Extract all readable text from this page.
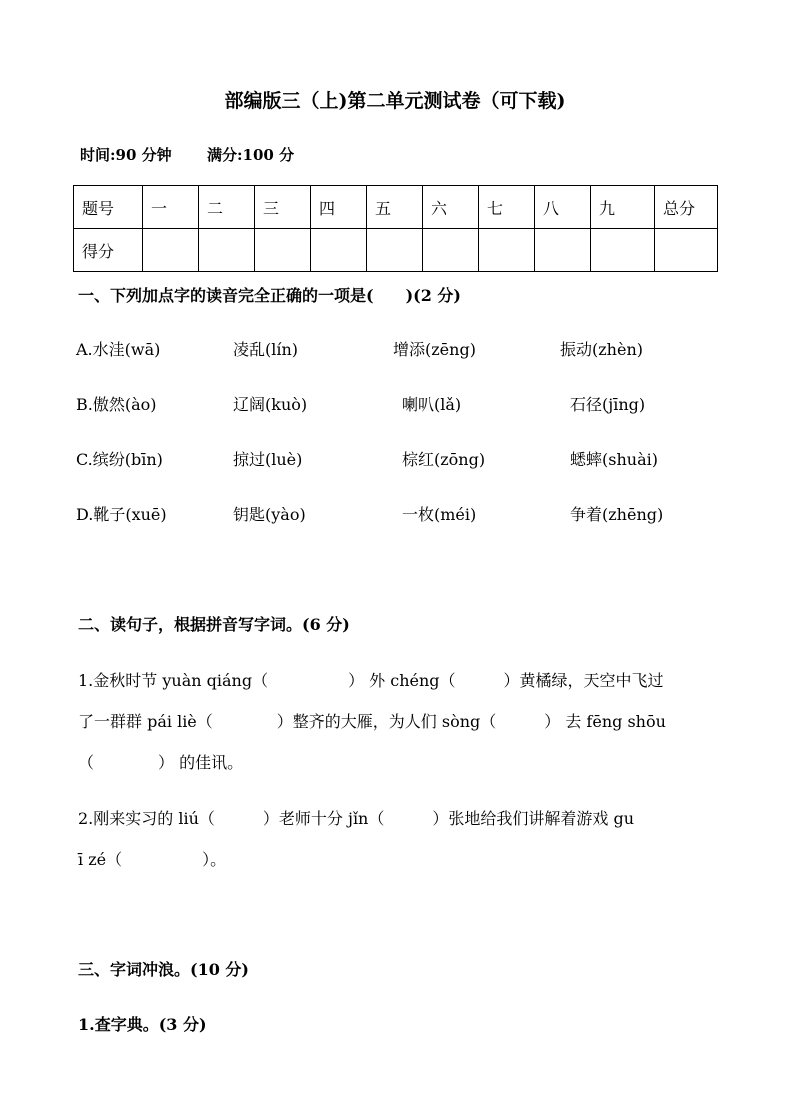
部编版三（上)第二单元测试卷（可下载)
时间:90 分钟 满分:100 分
题号	一	二	三	四	五	六	七	八	九	总分
得分										
一、下列加点字的读音完全正确的一项是(　　)(2 分)
A.水洼(wā)	凌乱(lín)	增添(zēng)	振动(zhèn)
B.傲然(ào)	辽阔(kuò)	喇叭(lǎ)	石径(jīng)
C.缤纷(bīn)	掠过(luè)	棕红(zōng)	蟋蟀(shuài)
D.靴子(xuē)	钥匙(yào)	一枚(méi)	争着(zhēng)
二、读句子，根据拼音写字词。(6 分)
1.金秋时节 yuàn qiáng（　　　　　） 外 chéng（　　　）黄橘绿，天空中飞过
了一群群 pái liè（　　　　）整齐的大雁，为人们 sòng（　　　） 去 fēng shōu
（　　　　） 的佳讯。
2.刚来实习的 liú（　　　）老师十分 jǐn（　　　）张地给我们讲解着游戏 gu
ī zé（　　　　　）。
三、字词冲浪。(10 分)
1.查字典。(3 分)
